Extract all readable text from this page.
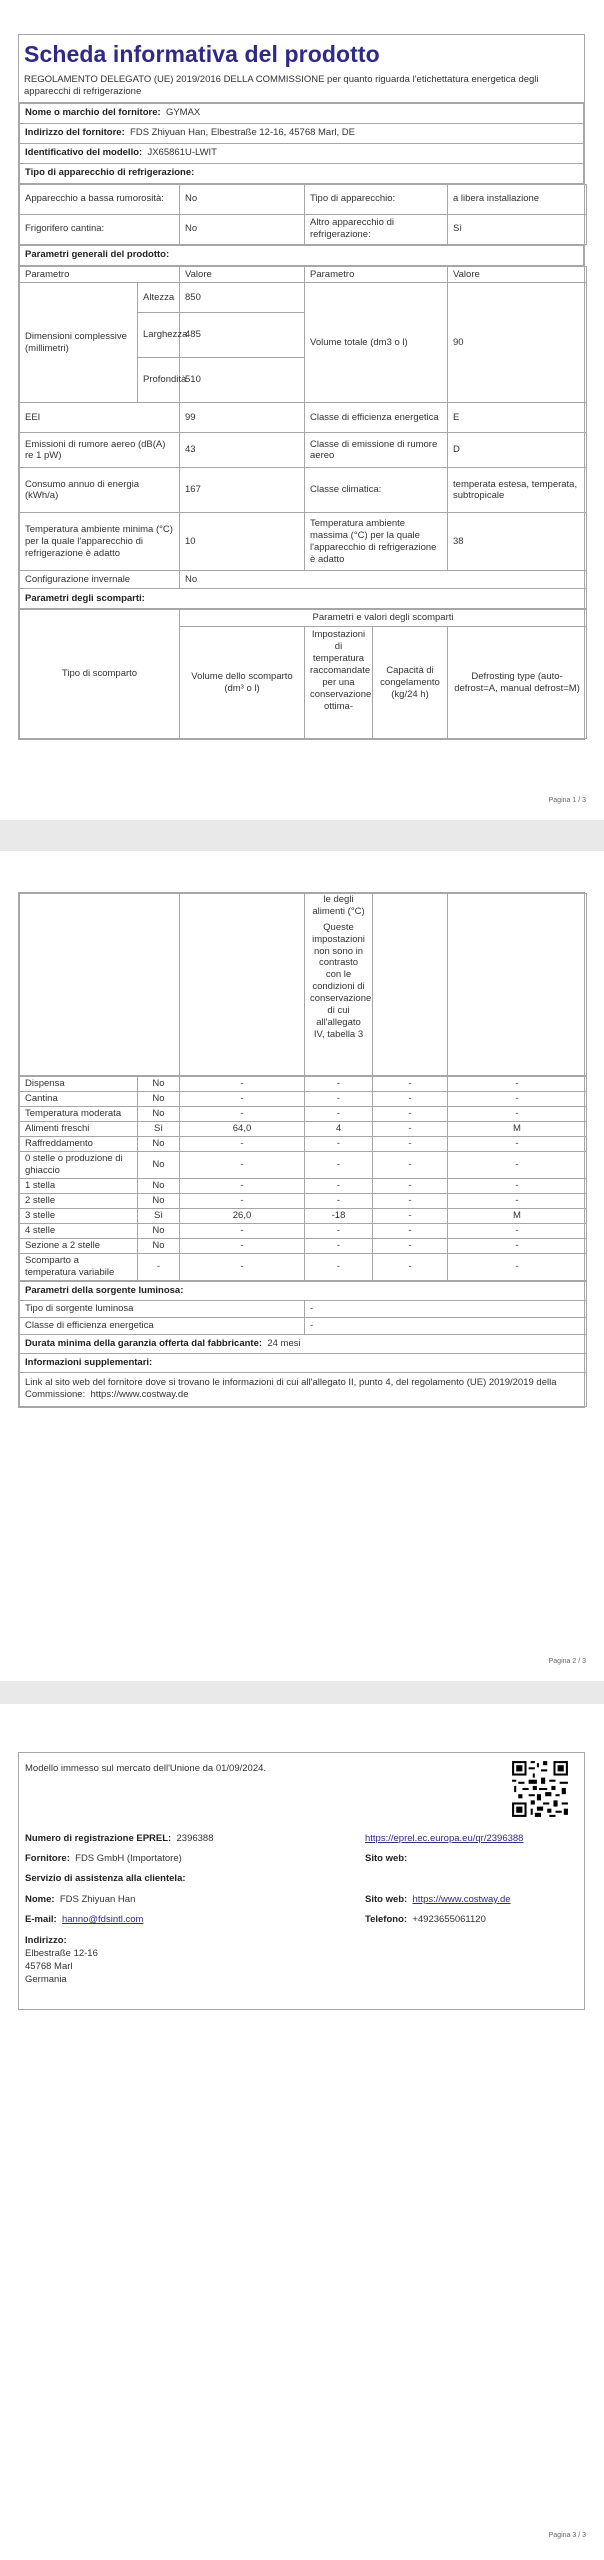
Scheda informativa del prodotto
REGOLAMENTO DELEGATO (UE) 2019/2016 DELLA COMMISSIONE per quanto riguarda l'etichettatura energetica degli apparecchi di refrigerazione
Nome o marchio del fornitore: GYMAX
Indirizzo del fornitore: FDS Zhiyuan Han, Elbestraße 12-16, 45768 Marl, DE
Identificativo del modello: JX65861U-LWIT
Tipo di apparecchio di refrigerazione:
Apparecchio a bassa rumorosità:	No	Tipo di apparecchio:	a libera installazione
Frigorifero cantina:	No	Altro apparecchio di refrigerazione:	Sì
Parametri generali del prodotto:
Parametro		Valore	Parametro	Valore
Dimensioni complessive (millimetri)	Altezza	850	Volume totale (dm3 o l)	90
	Larghezza	485		
	Profondità	510		
EEI		99	Classe di efficienza energetica	E
Emissioni di rumore aereo (dB(A) re 1 pW)		43	Classe di emissione di rumore aereo	D
Consumo annuo di energia (kWh/a)		167	Classe climatica:	temperata estesa, temperata, subtropicale
Temperatura ambiente minima (°C) per la quale l'apparecchio di refrigerazione è adatto		10	Temperatura ambiente massima (°C) per la quale l'apparecchio di refrigerazione è adatto	38
Configurazione invernale		No		
Parametri degli scomparti:				
Tipo di scomparto	Parametri e valori degli scomparti			
	Volume dello scomparto (dm³ o l)	Impostazioni di temperatura raccomandate per una conservazione ottima-	Capacità di congelamento (kg/24 h)	Defrosting type (auto-defrost=A, manual defrost=M)
Pagina 1 / 3

le degli alimenti (°C)
Queste impostazioni non sono in contrasto con le condizioni di conservazione di cui all'allegato IV, tabella 3

Dispensa	No	-	-	-	-
Cantina	No	-	-	-	-
Temperatura moderata	No	-	-	-	-
Alimenti freschi	Sì	64,0	4	-	M
Raffreddamento	No	-	-	-	-
0 stelle o produzione di ghiaccio	No	-	-	-	-
1 stella	No	-	-	-	-
2 stelle	No	-	-	-	-
3 stelle	Sì	26,0	-18	-	M
4 stelle	No	-	-	-	-
Sezione a 2 stelle	No	-	-	-	-
Scomparto a temperatura variabile	-	-	-	-	-
Parametri della sorgente luminosa:	
Tipo di sorgente luminosa	-
Classe di efficienza energetica	-
Durata minima della garanzia offerta dal fabbricante: 24 mesi	
Informazioni supplementari:	
Link al sito web del fornitore dove si trovano le informazioni di cui all'allegato II, punto 4, del regolamento (UE) 2019/2019 della Commissione: https://www.costway.de	
Pagina 2 / 3
Modello immesso sul mercato dell'Unione da 01/09/2024.
Numero di registrazione EPREL: 2396388	https://eprel.ec.europa.eu/qr/2396388
Fornitore: FDS GmbH (Importatore)	Sito web:
Servizio di assistenza alla clientela:
Nome: FDS Zhiyuan Han	Sito web: https://www.costway.de
E-mail: hanno@fdsintl.com	Telefono: +4923655061120
Indirizzo:
Elbestraße 12-16
45768 Marl
Germania
Pagina 3 / 3
